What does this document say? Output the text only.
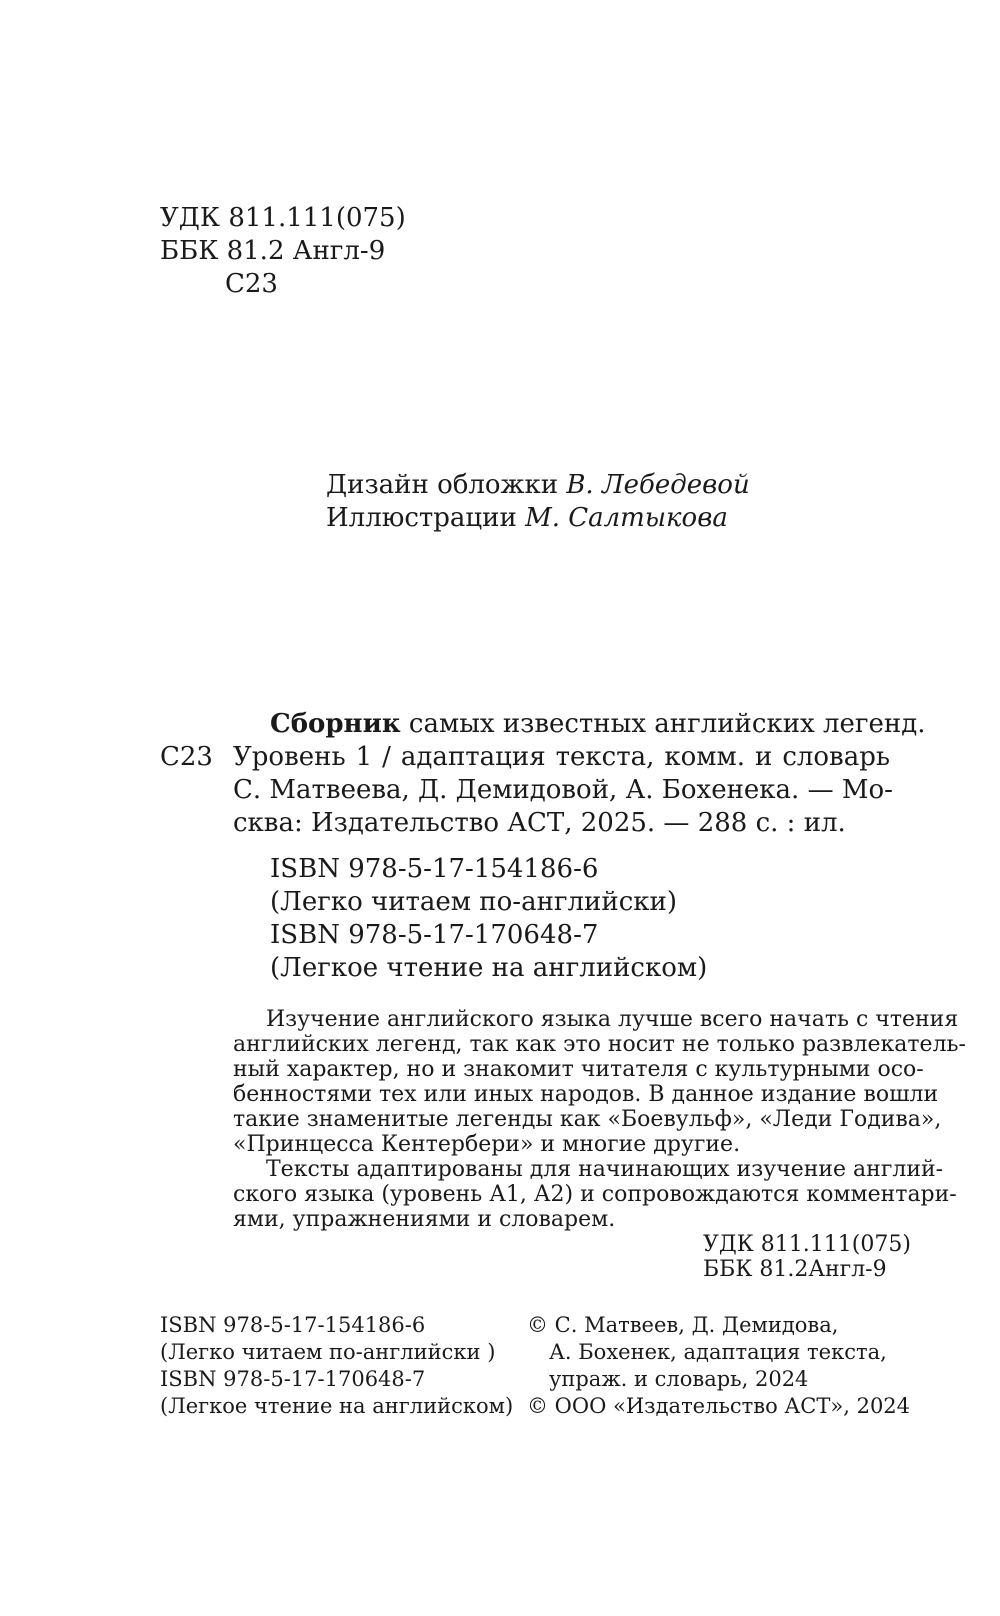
УДК 811.111(075)
ББК 81.2 Англ-9
С23
Дизайн обложки В. Лебедевой
Иллюстрации М. Салтыкова
С23
Сборник самых известных английских легенд.
Уровень 1 / адаптация текста, комм. и словарь
С. Матвеева, Д. Демидовой, А. Бохенека. — Мо-
сква: Издательство АСТ, 2025. — 288 с. : ил.
ISBN 978-5-17-154186-6
(Легко читаем по-английски)
ISBN 978-5-17-170648-7
(Легкое чтение на английском)
Изучение английского языка лучше всего начать с чтения
английских легенд, так как это носит не только развлекатель-
ный характер, но и знакомит читателя с культурными осо-
бенностями тех или иных народов. В данное издание вошли
такие знаменитые легенды как «Боевульф», «Леди Годива»,
«Принцесса Кентербери» и многие другие.
Тексты адаптированы для начинающих изучение англий-
ского языка (уровень А1, А2) и сопровождаются комментари-
ями, упражнениями и словарем.
УДК 811.111(075)
ББК 81.2Англ-9
ISBN 978-5-17-154186-6
(Легко читаем по-английски )
ISBN 978-5-17-170648-7
(Легкое чтение на английском)
© С. Матвеев, Д. Демидова,
А. Бохенек, адаптация текста,
упраж. и словарь, 2024
© ООО «Издательство АСТ», 2024
